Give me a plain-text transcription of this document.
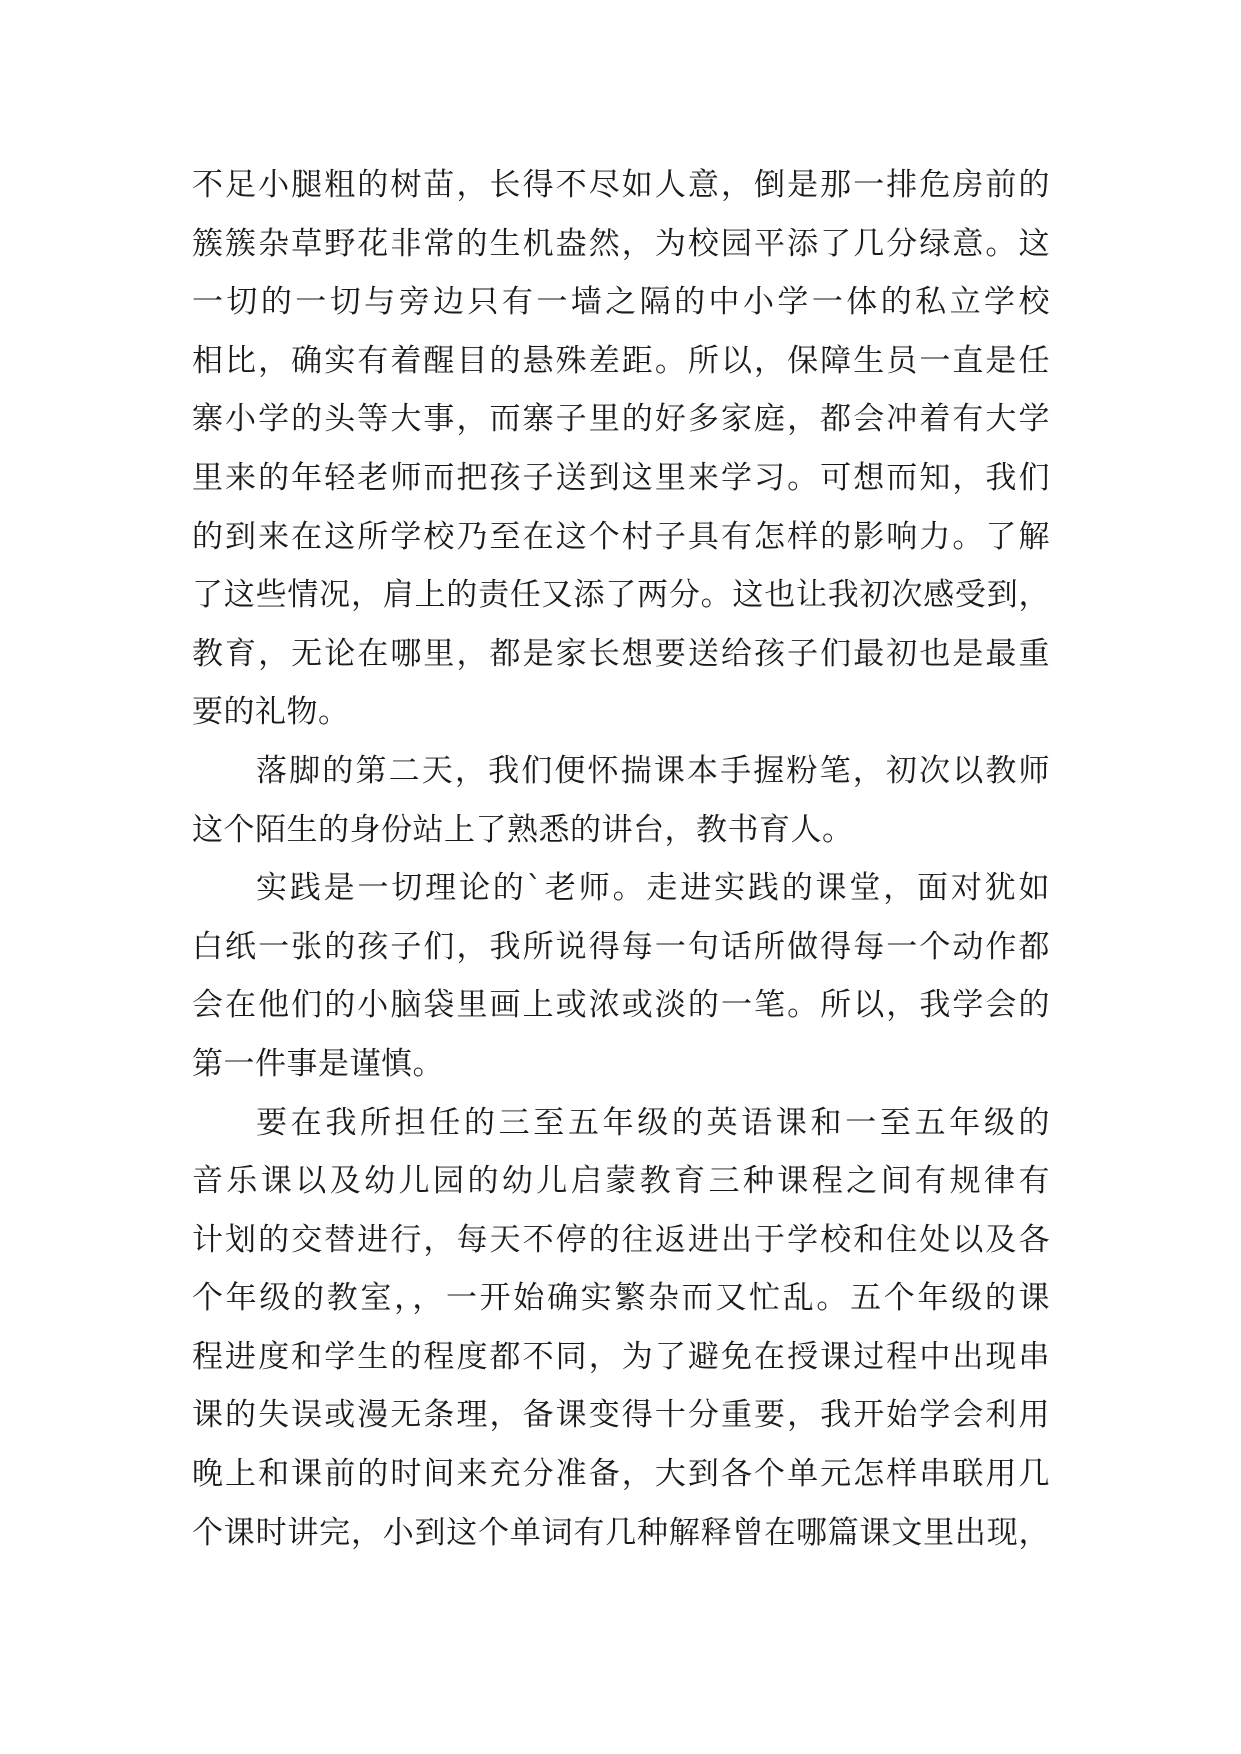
不足小腿粗的树苗，长得不尽如人意，倒是那一排危房前的
簇簇杂草野花非常的生机盎然，为校园平添了几分绿意。这
一切的一切与旁边只有一墙之隔的中小学一体的私立学校
相比，确实有着醒目的悬殊差距。所以，保障生员一直是任
寨小学的头等大事，而寨子里的好多家庭，都会冲着有大学
里来的年轻老师而把孩子送到这里来学习。可想而知，我们
的到来在这所学校乃至在这个村子具有怎样的影响力。了解
了这些情况，肩上的责任又添了两分。这也让我初次感受到，
教育，无论在哪里，都是家长想要送给孩子们最初也是最重
要的礼物。
落脚的第二天，我们便怀揣课本手握粉笔，初次以教师
这个陌生的身份站上了熟悉的讲台，教书育人。
实践是一切理论的`老师。走进实践的课堂，面对犹如
白纸一张的孩子们，我所说得每一句话所做得每一个动作都
会在他们的小脑袋里画上或浓或淡的一笔。所以，我学会的
第一件事是谨慎。
要在我所担任的三至五年级的英语课和一至五年级的
音乐课以及幼儿园的幼儿启蒙教育三种课程之间有规律有
计划的交替进行，每天不停的往返进出于学校和住处以及各
个年级的教室，，一开始确实繁杂而又忙乱。五个年级的课
程进度和学生的程度都不同，为了避免在授课过程中出现串
课的失误或漫无条理，备课变得十分重要，我开始学会利用
晚上和课前的时间来充分准备，大到各个单元怎样串联用几
个课时讲完，小到这个单词有几种解释曾在哪篇课文里出现，
